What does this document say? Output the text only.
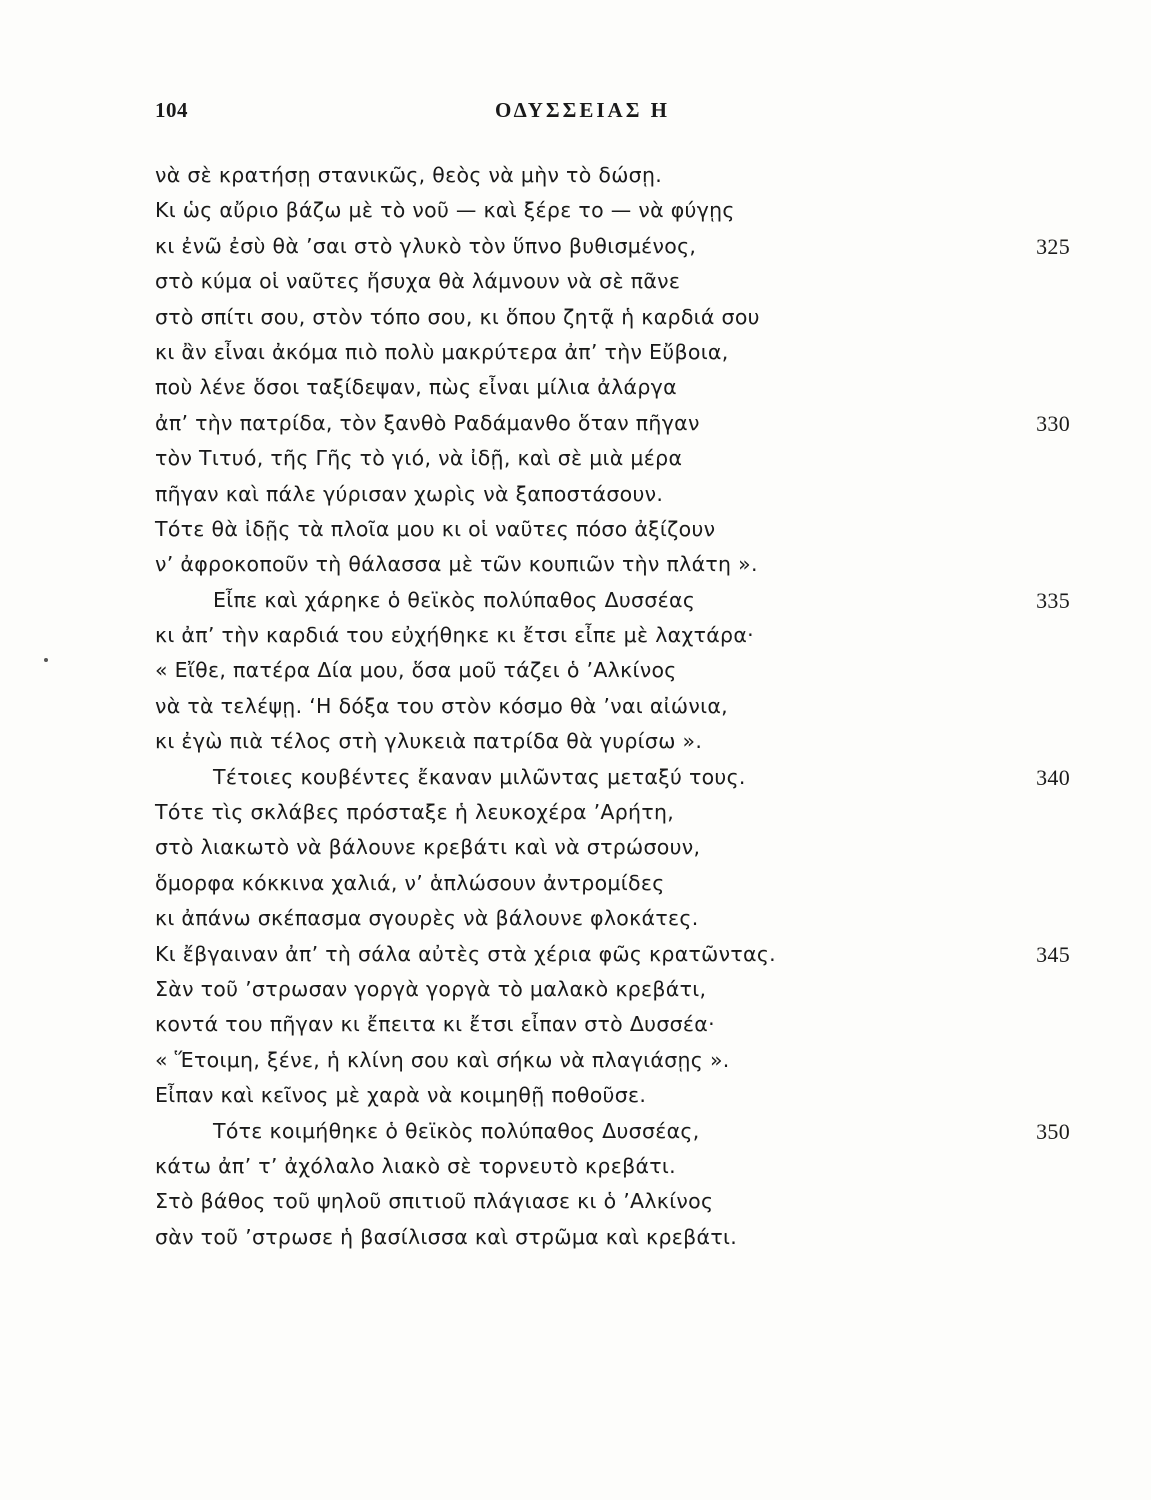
104	ΟΔΥΣΣΕΙΑΣ Η
νὰ σὲ κρατήσῃ στανικῶς, θεὸς νὰ μὴν τὸ δώσῃ.
Κι ὡς αὔριο βάζω μὲ τὸ νοῦ — καὶ ξέρε το — νὰ φύγῃς
κι ἐνῶ ἐσὺ θὰ ’σαι στὸ γλυκὸ τὸν ὕπνο βυθισμένος,	325
στὸ κύμα οἱ ναῦτες ἥσυχα θὰ λάμνουν νὰ σὲ πᾶνε
στὸ σπίτι σου, στὸν τόπο σου, κι ὅπου ζητᾷ ἡ καρδιά σου
κι ἂν εἶναι ἀκόμα πιὸ πολὺ μακρύτερα ἀπ’ τὴν Εὔβοια,
ποὺ λένε ὅσοι ταξίδεψαν, πὼς εἶναι μίλια ἀλάργα
ἀπ’ τὴν πατρίδα, τὸν ξανθὸ Ραδάμανθο ὅταν πῆγαν	330
τὸν Τιτυό, τῆς Γῆς τὸ γιό, νὰ ἰδῇ, καὶ σὲ μιὰ μέρα
πῆγαν καὶ πάλε γύρισαν χωρὶς νὰ ξαποστάσουν.
Τότε θὰ ἰδῇς τὰ πλοῖα μου κι οἱ ναῦτες πόσο ἀξίζουν
ν’ ἀφροκοποῦν τὴ θάλασσα μὲ τῶν κουπιῶν τὴν πλάτη ».
Εἶπε καὶ χάρηκε ὁ θεϊκὸς πολύπαθος Δυσσέας	335
κι ἀπ’ τὴν καρδιά του εὐχήθηκε κι ἔτσι εἶπε μὲ λαχτάρα·
« Εἴθε, πατέρα Δία μου, ὅσα μοῦ τάζει ὁ ’Αλκίνος
νὰ τὰ τελέψῃ. ‘Η δόξα του στὸν κόσμο θὰ ’ναι αἰώνια,
κι ἐγὼ πιὰ τέλος στὴ γλυκειὰ πατρίδα θὰ γυρίσω ».
Τέτοιες κουβέντες ἔκαναν μιλῶντας μεταξύ τους.	340
Τότε τὶς σκλάβες πρόσταξε ἡ λευκοχέρα ’Αρήτη,
στὸ λιακωτὸ νὰ βάλουνε κρεβάτι καὶ νὰ στρώσουν,
ὅμορφα κόκκινα χαλιά, ν’ ἁπλώσουν ἀντρομίδες
κι ἀπάνω σκέπασμα σγουρὲς νὰ βάλουνε φλοκάτες.
Κι ἔβγαιναν ἀπ’ τὴ σάλα αὐτὲς στὰ χέρια φῶς κρατῶντας.	345
Σὰν τοῦ ’στρωσαν γοργὰ γοργὰ τὸ μαλακὸ κρεβάτι,
κοντά του πῆγαν κι ἔπειτα κι ἔτσι εἶπαν στὸ Δυσσέα·
« Ἕτοιμη, ξένε, ἡ κλίνη σου καὶ σήκω νὰ πλαγιάσῃς ».
Εἶπαν καὶ κεῖνος μὲ χαρὰ νὰ κοιμηθῇ ποθοῦσε.
Τότε κοιμήθηκε ὁ θεϊκὸς πολύπαθος Δυσσέας,	350
κάτω ἀπ’ τ’ ἀχόλαλο λιακὸ σὲ τορνευτὸ κρεβάτι.
Στὸ βάθος τοῦ ψηλοῦ σπιτιοῦ πλάγιασε κι ὁ ’Αλκίνος
σὰν τοῦ ’στρωσε ἡ βασίλισσα καὶ στρῶμα καὶ κρεβάτι.
